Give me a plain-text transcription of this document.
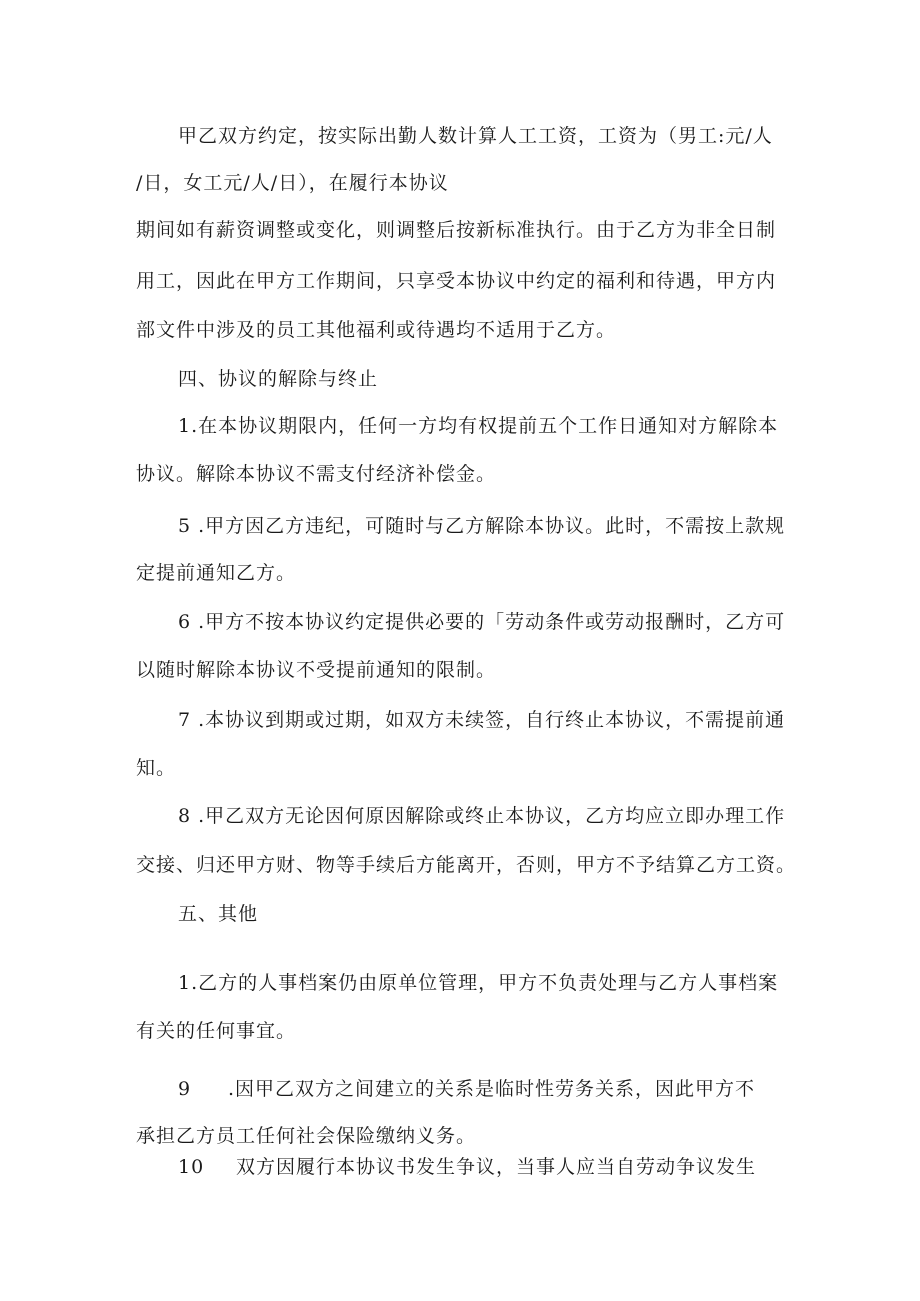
甲乙双方约定，按实际出勤人数计算人工工资，工资为（男工:元/人
/日，女工元/人/日），在履行本协议
期间如有薪资调整或变化，则调整后按新标准执行。由于乙方为非全日制
用工，因此在甲方工作期间，只享受本协议中约定的福利和待遇，甲方内
部文件中涉及的员工其他福利或待遇均不适用于乙方。
四、协议的解除与终止
1.在本协议期限内，任何一方均有权提前五个工作日通知对方解除本
协议。解除本协议不需支付经济补偿金。
5 .甲方因乙方违纪，可随时与乙方解除本协议。此时，不需按上款规
定提前通知乙方。
6 .甲方不按本协议约定提供必要的「劳动条件或劳动报酬时，乙方可
以随时解除本协议不受提前通知的限制。
7 .本协议到期或过期，如双方未续签，自行终止本协议，不需提前通
知。
8 .甲乙双方无论因何原因解除或终止本协议，乙方均应立即办理工作
交接、归还甲方财、物等手续后方能离开，否则，甲方不予结算乙方工资。
五、其他
1.乙方的人事档案仍由原单位管理，甲方不负责处理与乙方人事档案
有关的任何事宜。
9 .因甲乙双方之间建立的关系是临时性劳务关系，因此甲方不
承担乙方员工任何社会保险缴纳义务。
10 双方因履行本协议书发生争议，当事人应当自劳动争议发生
